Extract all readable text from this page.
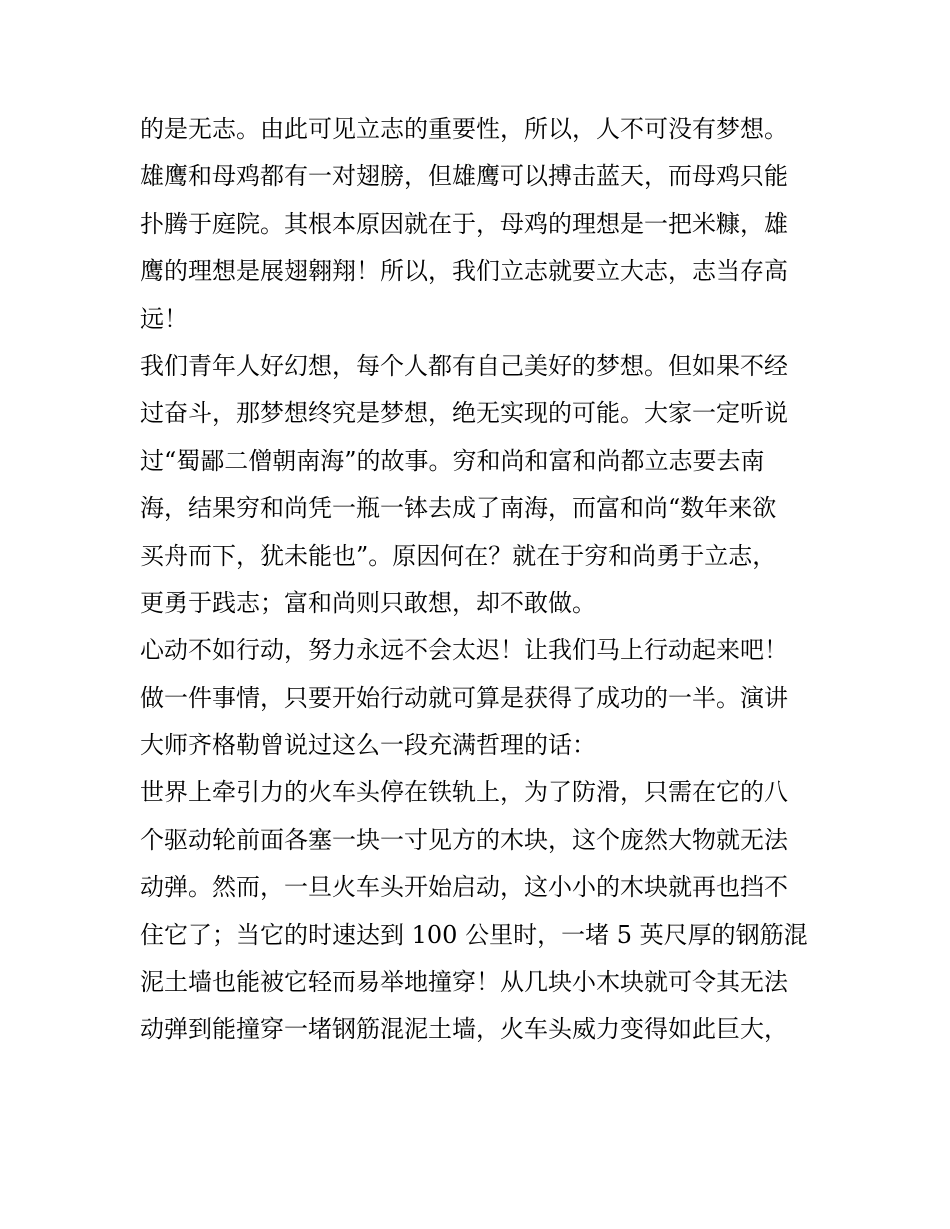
的是无志。由此可见立志的重要性，所以，人不可没有梦想。
雄鹰和母鸡都有一对翅膀，但雄鹰可以搏击蓝天，而母鸡只能
扑腾于庭院。其根本原因就在于，母鸡的理想是一把米糠，雄
鹰的理想是展翅翱翔！所以，我们立志就要立大志，志当存高
远！
我们青年人好幻想，每个人都有自己美好的梦想。但如果不经
过奋斗，那梦想终究是梦想，绝无实现的可能。大家一定听说
过“蜀鄙二僧朝南海”的故事。穷和尚和富和尚都立志要去南
海，结果穷和尚凭一瓶一钵去成了南海，而富和尚“数年来欲
买舟而下，犹未能也”。原因何在？就在于穷和尚勇于立志，
更勇于践志；富和尚则只敢想，却不敢做。
心动不如行动，努力永远不会太迟！让我们马上行动起来吧！
做一件事情，只要开始行动就可算是获得了成功的一半。演讲
大师齐格勒曾说过这么一段充满哲理的话：
世界上牵引力的火车头停在铁轨上，为了防滑，只需在它的八
个驱动轮前面各塞一块一寸见方的木块，这个庞然大物就无法
动弹。然而，一旦火车头开始启动，这小小的木块就再也挡不
住它了；当它的时速达到 100 公里时，一堵 5 英尺厚的钢筋混
泥土墙也能被它轻而易举地撞穿！从几块小木块就可令其无法
动弹到能撞穿一堵钢筋混泥土墙，火车头威力变得如此巨大，
